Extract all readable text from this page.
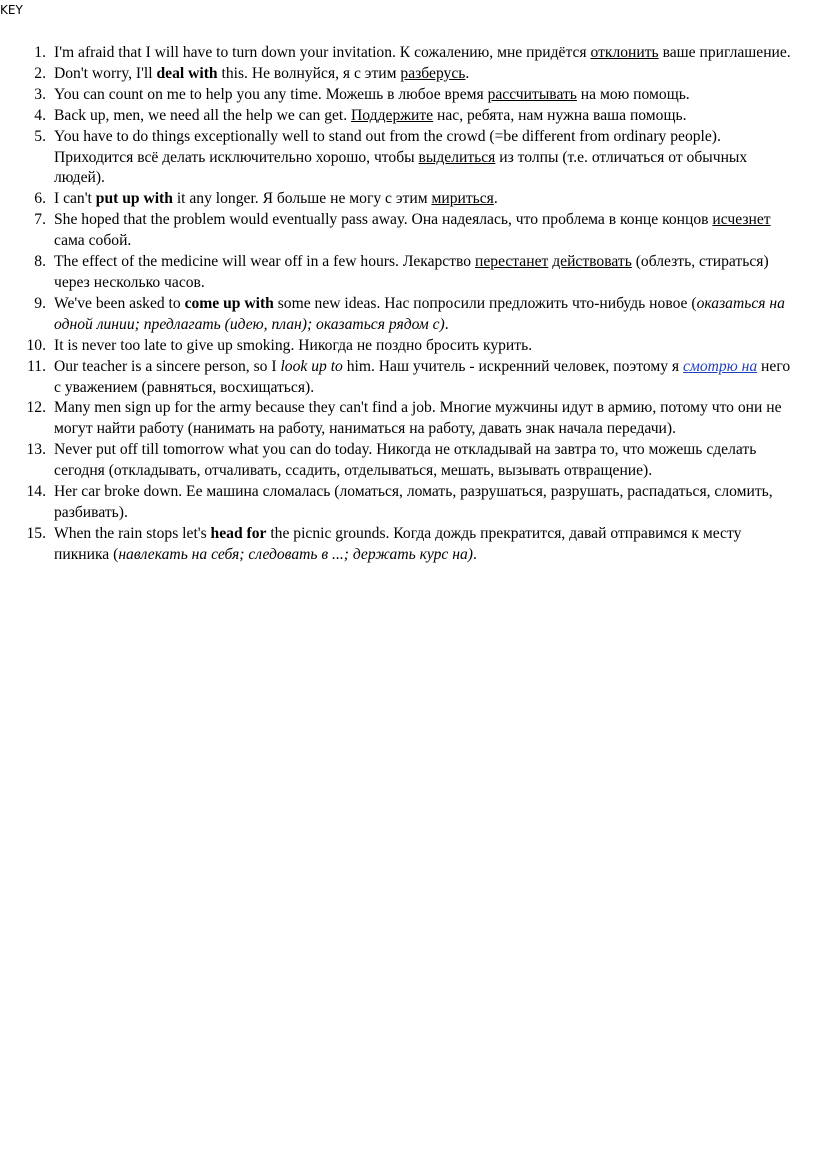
KEY
1. I'm afraid that I will have to turn down your invitation. К сожалению, мне придётся отклонить ваше приглашение.
2. Don't worry, I'll deal with this. Не волнуйся, я с этим разберусь.
3. You can count on me to help you any time. Можешь в любое время рассчитывать на мою помощь.
4. Back up, men, we need all the help we can get. Поддержите нас, ребята, нам нужна ваша помощь.
5. You have to do things exceptionally well to stand out from the crowd (=be different from ordinary people). Приходится всё делать исключительно хорошо, чтобы выделиться из толпы (т.е. отличаться от обычных людей).
6. I can't put up with it any longer. Я больше не могу с этим мириться.
7. She hoped that the problem would eventually pass away. Она надеялась, что проблема в конце концов исчезнет сама собой.
8. The effect of the medicine will wear off in a few hours. Лекарство перестанет действовать (облезть, стираться) через несколько часов.
9. We've been asked to come up with some new ideas. Нас попросили предложить что-нибудь новое (оказаться на одной линии; предлагать (идею, план); оказаться рядом с).
10. It is never too late to give up smoking. Никогда не поздно бросить курить.
11. Our teacher is a sincere person, so I look up to him. Наш учитель - искренний человек, поэтому я смотрю на него с уважением (равняться, восхищаться).
12. Many men sign up for the army because they can't find a job. Многие мужчины идут в армию, потому что они не могут найти работу (нанимать на работу, наниматься на работу, давать знак начала передачи).
13. Never put off till tomorrow what you can do today. Никогда не откладывай на завтра то, что можешь сделать сегодня (откладывать, отчаливать, ссадить, отделываться, мешать, вызывать отвращение).
14. Her car broke down. Ее машина сломалась (ломаться, ломать, разрушаться, разрушать, распадаться, сломить, разбивать).
15. When the rain stops let's head for the picnic grounds. Когда дождь прекратится, давай отправимся к месту пикника (навлекать на себя; следовать в ...; держать курс на).
